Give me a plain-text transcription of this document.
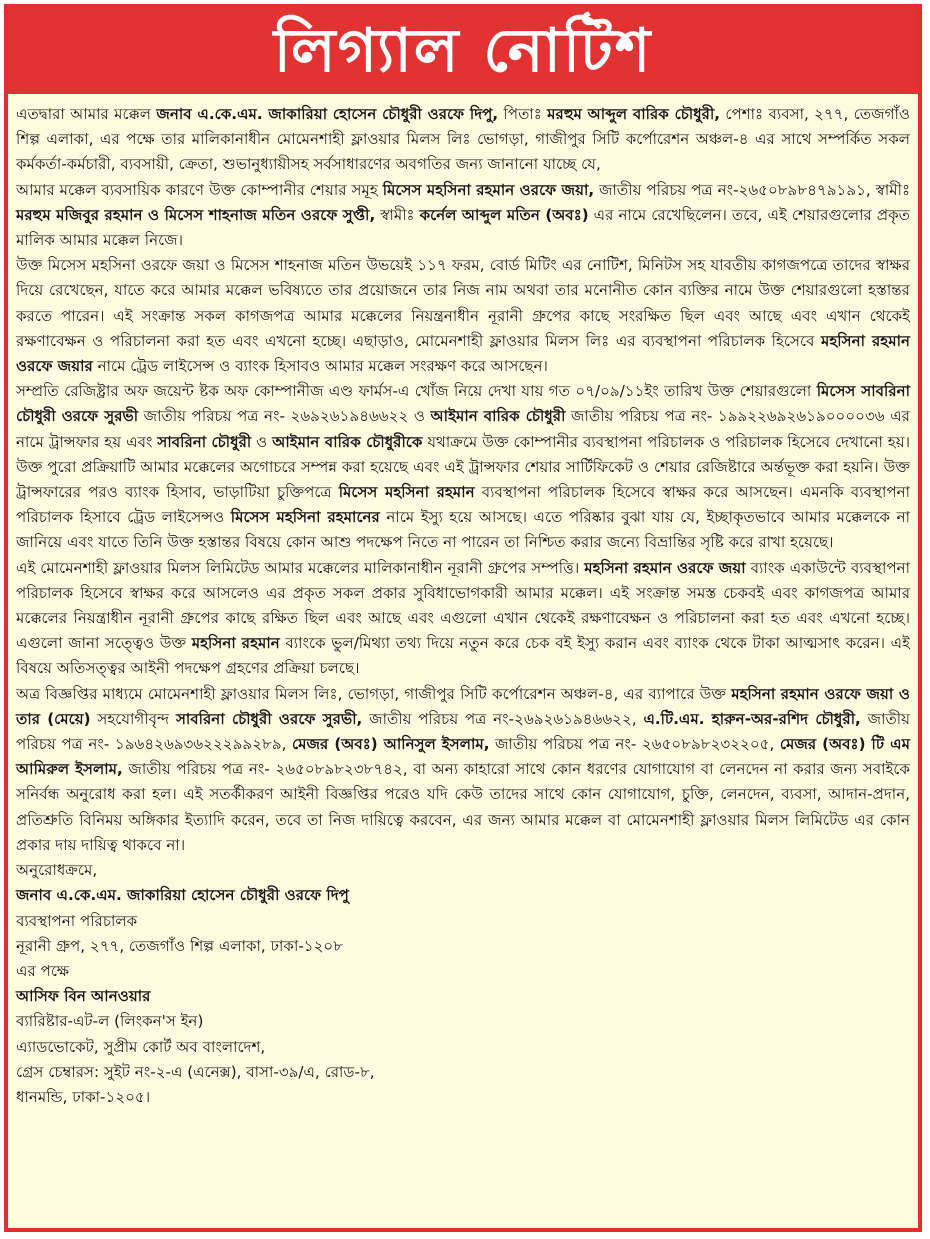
লিগ্যাল নোটিশ

এতদ্বারা আমার মক্কেল জনাব এ.কে.এম. জাকারিয়া হোসেন চৌধুরী ওরফে দিপু, পিতাঃ মরহুম আব্দুল বারিক চৌধুরী, পেশাঃ ব্যবসা, ২৭৭, তেজগাঁও শিল্প এলাকা, এর পক্ষে তার মালিকানাধীন মোমেনশাহী ফ্লাওয়ার মিলস লিঃ ভোগড়া, গাজীপুর সিটি কর্পোরেশন অঞ্চল-৪ এর সাথে সম্পর্কিত সকল কর্মকর্তা-কর্মচারী, ব্যবসায়ী, ক্রেতা, শুভানুধ্যায়ীসহ সর্বসাধারণের অবগতির জন্য জানানো যাচ্ছে যে,

আমার মক্কেল ব্যবসায়িক কারণে উক্ত কোম্পানীর শেয়ার সমূহ মিসেস মহসিনা রহমান ওরফে জয়া, জাতীয় পরিচয় পত্র নং-২৬৫০৮৯৮৪৭৯১৯১, স্বামীঃ মরহুম মজিবুর রহমান ও মিসেস শাহনাজ মতিন ওরফে সুপ্তী, স্বামীঃ কর্নেল আব্দুল মতিন (অবঃ) এর নামে রেখেছিলেন। তবে, এই শেয়ারগুলোর প্রকৃত মালিক আমার মক্কেল নিজে।

উক্ত মিসেস মহসিনা ওরফে জয়া ও মিসেস শাহনাজ মতিন উভয়েই ১১৭ ফরম, বোর্ড মিটিং এর নোটিশ, মিনিটস সহ যাবতীয় কাগজপত্রে তাদের স্বাক্ষর দিয়ে রেখেছেন, যাতে করে আমার মক্কেল ভবিষ্যতে তার প্রয়োজনে তার নিজ নাম অথবা তার মনোনীত কোন ব্যক্তির নামে উক্ত শেয়ারগুলো হস্তান্তর করতে পারেন। এই সংক্রান্ত সকল কাগজপত্র আমার মক্কেলের নিয়ন্ত্রনাধীন নূরানী গ্রুপের কাছে সংরক্ষিত ছিল এবং আছে এবং এখান থেকেই রক্ষণাবেক্ষন ও পরিচালনা করা হত এবং এখনো হচ্ছে। এছাড়াও, মোমেনশাহী ফ্লাওয়ার মিলস লিঃ এর ব্যবস্থাপনা পরিচালক হিসেবে মহসিনা রহমান ওরফে জয়ার নামে ট্রেড লাইসেন্স ও ব্যাংক হিসাবও আমার মক্কেল সংরক্ষণ করে আসছেন।

সম্প্রতি রেজিষ্ট্রার অফ জয়েন্ট ষ্টক অফ কোম্পানীজ এণ্ড ফার্মস-এ খোঁজ নিয়ে দেখা যায় গত ০৭/০৯/১১ইং তারিখ উক্ত শেয়ারগুলো মিসেস সাবরিনা চৌধুরী ওরফে সুরভী জাতীয় পরিচয় পত্র নং- ২৬৯২৬১৯৪৬৬২২ ও আইমান বারিক চৌধুরী জাতীয় পরিচয় পত্র নং- ১৯৯২২৬৯২৬১৯০০০০৩৬ এর নামে ট্রান্সফার হয় এবং সাবরিনা চৌধুরী ও আইমান বারিক চৌধুরীকে যথাক্রমে উক্ত কোম্পানীর ব্যবস্থাপনা পরিচালক ও পরিচালক হিসেবে দেখানো হয়। উক্ত পুরো প্রক্রিয়াটি আমার মক্কেলের অগোচরে সম্পন্ন করা হয়েছে এবং এই ট্রান্সফার শেয়ার সার্টিফিকেট ও শেয়ার রেজিষ্টারে অর্ন্তভূক্ত করা হয়নি। উক্ত ট্রান্সফারের পরও ব্যাংক হিসাব, ভাড়াটিয়া চুক্তিপত্রে মিসেস মহসিনা রহমান ব্যবস্থাপনা পরিচালক হিসেবে স্বাক্ষর করে আসছেন। এমনকি ব্যবস্থাপনা পরিচালক হিসাবে ট্রেড লাইসেন্সও মিসেস মহসিনা রহমানের নামে ইস্যু হয়ে আসছে। এতে পরিষ্কার বুঝা যায় যে, ইচ্ছাকৃতভাবে আমার মক্কেলকে না জানিয়ে এবং যাতে তিনি উক্ত হস্তান্তর বিষয়ে কোন আশু পদক্ষেপ নিতে না পারেন তা নিশ্চিত করার জন্যে বিভ্রান্তির সৃষ্টি করে রাখা হয়েছে।

এই মোমেনশাহী ফ্লাওয়ার মিলস লিমিটেড আমার মক্কেলের মালিকানাধীন নূরানী গ্রুপের সম্পত্তি। মহসিনা রহমান ওরফে জয়া ব্যাংক একাউন্টে ব্যবস্থাপনা পরিচালক হিসেবে স্বাক্ষর করে আসলেও এর প্রকৃত সকল প্রকার সুবিধাভোগকারী আমার মক্কেল। এই সংক্রান্ত সমস্ত চেকবই এবং কাগজপত্র আমার মক্কেলের নিয়ন্ত্রাধীন নূরানী গ্রুপের কাছে রক্ষিত ছিল এবং আছে এবং এগুলো এখান থেকেই রক্ষণাবেক্ষন ও পরিচালনা করা হত এবং এখনো হচ্ছে। এগুলো জানা সত্ত্বেও উক্ত মহসিনা রহমান ব্যাংকে ভুল/মিথ্যা তথ্য দিয়ে নতুন করে চেক বই ইস্যু করান এবং ব্যাংক থেকে টাকা আত্মসাৎ করেন। এই বিষয়ে অতিসত্ত্বর আইনী পদক্ষেপ গ্রহণের প্রক্রিয়া চলছে।

অত্র বিজ্ঞপ্তির মাধ্যমে মোমেনশাহী ফ্লাওয়ার মিলস লিঃ, ভোগড়া, গাজীপুর সিটি কর্পোরেশন অঞ্চল-৪, এর ব্যাপারে উক্ত মহসিনা রহমান ওরফে জয়া ও তার (মেয়ে) সহযোগীবৃন্দ সাবরিনা চৌধুরী ওরফে সুরভী, জাতীয় পরিচয় পত্র নং-২৬৯২৬১৯৪৬৬২২, এ.টি.এম. হারুন-অর-রশিদ চৌধুরী, জাতীয় পরিচয় পত্র নং- ১৯৬৪২৬৯৩৬২২২৯৯২৮৯, মেজর (অবঃ) আনিসুল ইসলাম, জাতীয় পরিচয় পত্র নং- ২৬৫০৮৯৮২৩২২০৫, মেজর (অবঃ) টি এম আমিরুল ইসলাম, জাতীয় পরিচয় পত্র নং- ২৬৫০৮৯৮২৩৮৭৪২, বা অন্য কাহারো সাথে কোন ধরণের যোগাযোগ বা লেনদেন না করার জন্য সবাইকে সনির্বন্ধ অনুরোধ করা হল। এই সতর্কীকরণ আইনী বিজ্ঞপ্তির পরেও যদি কেউ তাদের সাথে কোন যোগাযোগ, চুক্তি, লেনদেন, ব্যবসা, আদান-প্রদান, প্রতিশ্রুতি বিনিময় অঙ্গিকার ইত্যাদি করেন, তবে তা নিজ দায়িত্বে করবেন, এর জন্য আমার মক্কেল বা মোমেনশাহী ফ্লাওয়ার মিলস লিমিটেড এর কোন প্রকার দায় দায়িত্ব থাকবে না।

অনুরোধক্রমে,
জনাব এ.কে.এম. জাকারিয়া হোসেন চৌধুরী ওরফে দিপু
ব্যবস্থাপনা পরিচালক
নূরানী গ্রুপ, ২৭৭, তেজগাঁও শিল্প এলাকা, ঢাকা-১২০৮
এর পক্ষে
আসিফ বিন আনওয়ার
ব্যারিষ্টার-এট-ল (লিংকন'স ইন)
এ্যাডভোকেট, সুপ্রীম কোর্ট অব বাংলাদেশ,
গ্রেস চেম্বারস: সুইট নং-২-এ (এনেক্স), বাসা-৩৯/এ, রোড-৮,
ধানমন্ডি, ঢাকা-১২০৫।
